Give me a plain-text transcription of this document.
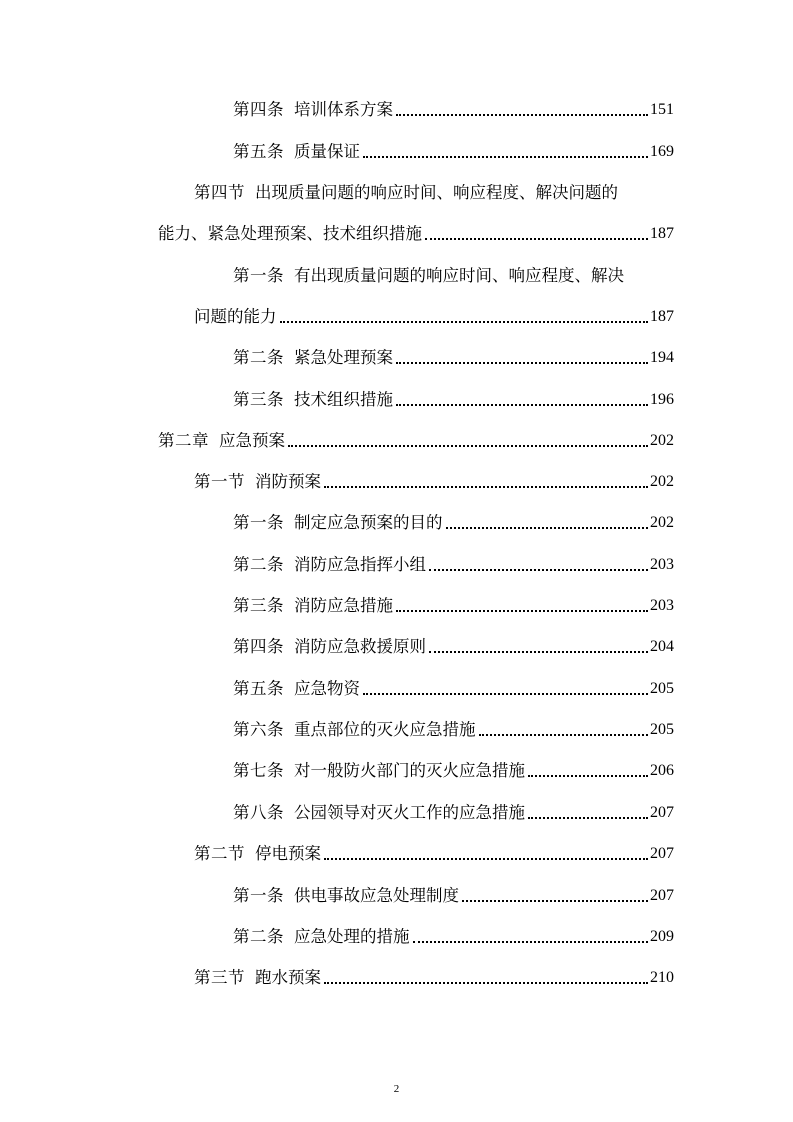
第四条 培训体系方案	151
第五条 质量保证	169
第四节 出现质量问题的响应时间、响应程度、解决问题的
能力、紧急处理预案、技术组织措施	187
第一条 有出现质量问题的响应时间、响应程度、解决
问题的能力	187
第二条 紧急处理预案	194
第三条 技术组织措施	196
第二章 应急预案	202
第一节 消防预案	202
第一条 制定应急预案的目的	202
第二条 消防应急指挥小组	203
第三条 消防应急措施	203
第四条 消防应急救援原则	204
第五条 应急物资	205
第六条 重点部位的灭火应急措施	205
第七条 对一般防火部门的灭火应急措施	206
第八条 公园领导对灭火工作的应急措施	207
第二节 停电预案	207
第一条 供电事故应急处理制度	207
第二条 应急处理的措施	209
第三节 跑水预案	210
2
